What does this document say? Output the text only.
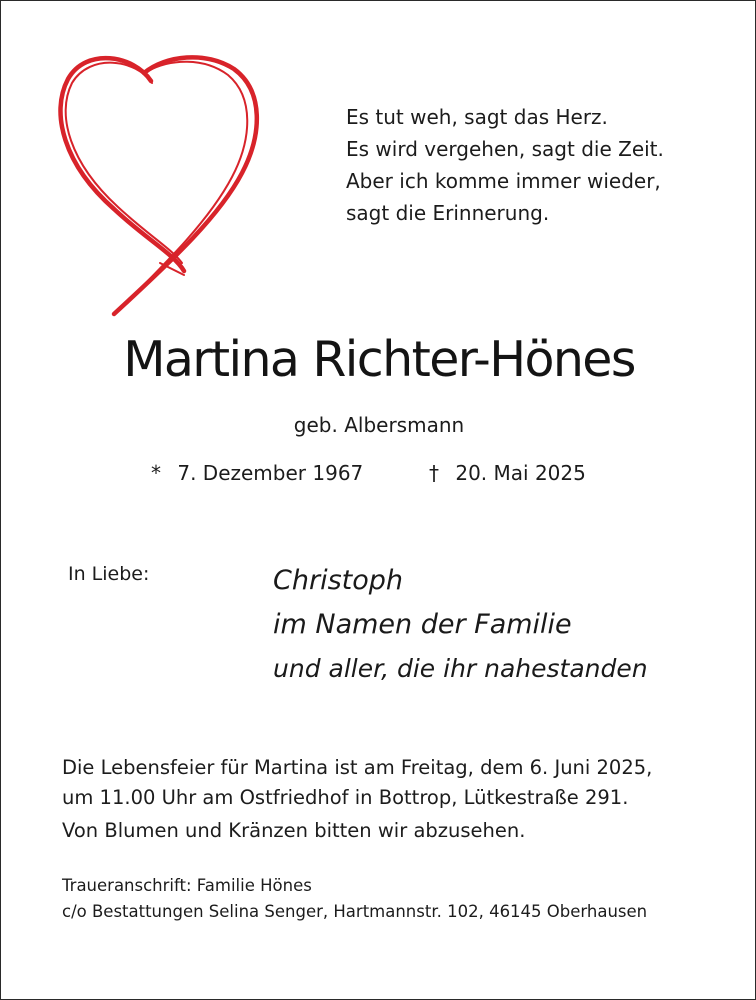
Es tut weh, sagt das Herz.
Es wird vergehen, sagt die Zeit.
Aber ich komme immer wieder,
sagt die Erinnerung.
Martina Richter-Hönes
geb. Albersmann
* 7. Dezember 1967	† 20. Mai 2025
In Liebe:	Christoph
im Namen der Familie
und aller, die ihr nahestanden
Die Lebensfeier für Martina ist am Freitag, dem 6. Juni 2025,
um 11.00 Uhr am Ostfriedhof in Bottrop, Lütkestraße 291.
Von Blumen und Kränzen bitten wir abzusehen.
Traueranschrift: Familie Hönes
c/o Bestattungen Selina Senger, Hartmannstr. 102, 46145 Oberhausen
